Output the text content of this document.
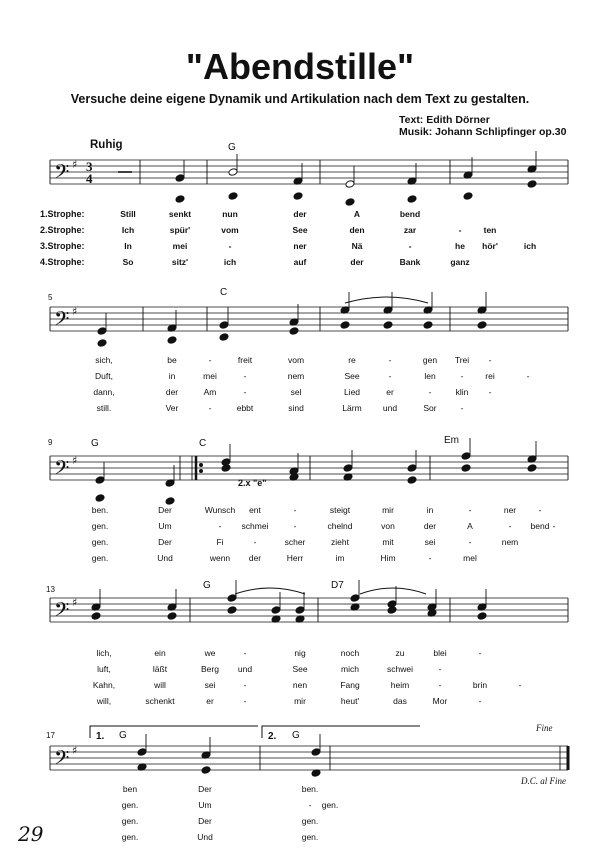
"Abendstille"
Versuche deine eigene Dynamik und Artikulation nach dem Text zu gestalten.
Text: Edith Dörner
Musik: Johann Schlipfinger op.30
Ruhig
𝄢 ♯
𝄢 ♯
𝄢 ♯
𝄢 ♯
𝄢 ♯
3
4
G
C
G	C	Em
G	D7
G	G
5
9
13
17	1.	2.
2.x "e"
Fine
D.C. al Fine
1.Strophe:
2.Strophe:
3.Strophe:
4.Strophe:
Still	senkt	nun	der	A	bend
Ich	spür'	vom	See	den	zar	-	ten
In	mei	-	ner	Nä	-	he	hör'	ich
So	sitz'	ich	auf	der	Bank	ganz
sich,	be	-	freit	vom	re	-	gen	Trei	-
Duft,	in	mei	-	nem	See	-	len	-	rei	-
dann,	der	Am	-	sel	Lied	er	-	klin	-
still.	Ver	-	ebbt	sind	Lärm	und	Sor	-
ben.	Der	Wunsch	ent	-	steigt	mir	in	-	ner	-
gen.	Um	-	schmei	-	chelnd	von	der	A	-	bend -
gen.	Der	Fi	-	scher	zieht	mit	sei	-	nem
gen.	Und	wenn	der	Herr	im	Him	-	mel
lich,	ein	we	-	nig	noch	zu	blei	-
luft,	läßt	Berg	und	See	mich	schwei	-
Kahn,	will	sei	-	nen	Fang	heim	-	brin	-
will,	schenkt	er	-	mir	heut'	das	Mor	-
ben	Der	ben.
gen.	Um	-	gen.
gen.	Der	gen.
gen.	Und	gen.
29
